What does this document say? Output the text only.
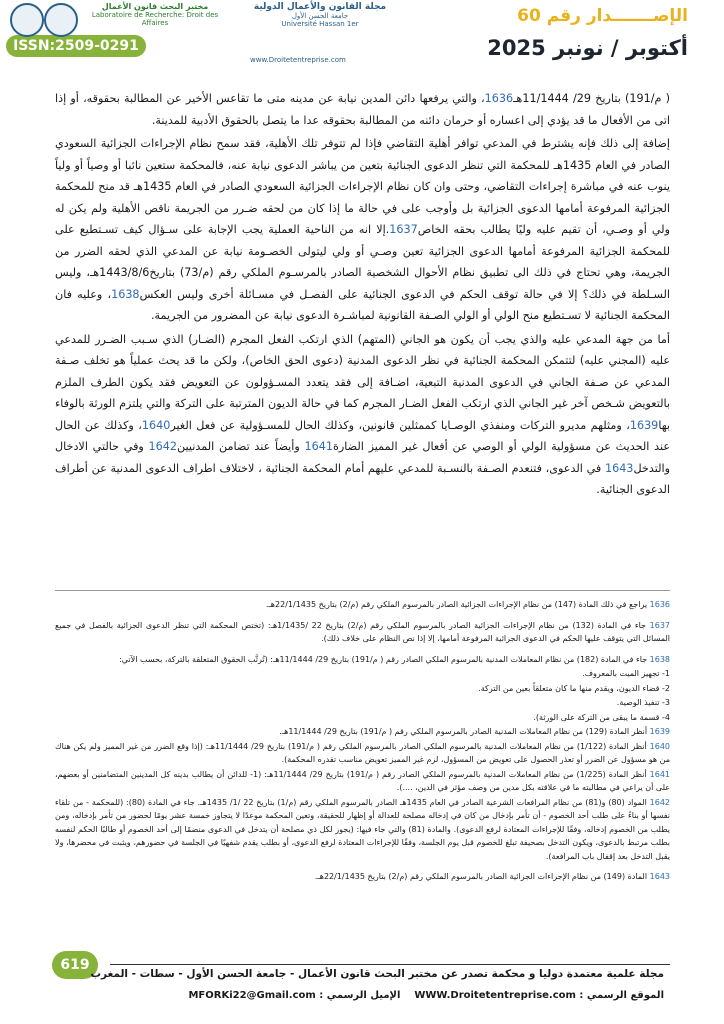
الإصـــــــدار رقم 60
أكتوبر / نونبر 2025
ISSN:2509-0291
مختبر البحث قانون الأعمال
Laboratoire de Recherche: Droit des Affaires
مجلة القانون والأعمال الدولية
جامعة الحسن الأول
Université Hassan 1er
www.Droitetentreprise.com

( م/191) بتاريخ 29/ 11/1444هـ1636، والتي يرفعها دائن المدين نيابة عن مدينه متى ما تقاعس الأخير عن المطالبة بحقوقه، أو إذا اتى من الأفعال ما قد يؤدي إلى اعساره أو حرمان دائنه من المطالبة بحقوقه عدا ما يتصل بالحقوق الأدبية للمدينة.

إضافة إلى ذلك فإنه يشترط في المدعي توافر أهلية التقاضي فإذا لم تتوفر تلك الأهلية، فقد سمح نظام الإجراءات الجزائية السعودي الصادر في العام 1435هـ للمحكمة التي تنظر الدعوى الجنائية بتعين من يباشر الدعوى نيابة عنه، فالمحكمة ستعين نائبا أو وصياً أو ولياً ينوب عنه في مباشرة إجراءات التقاضي، وحتى وان كان نظام الإجراءات الجزائية السعودي الصادر في العام 1435هـ قد منح للمحكمة الجزائية المرفوعة أمامها الدعوى الجزائية بل وأوجب على في حالة ما إذا كان من لحقه ضـرر من الجريمة ناقص الأهلية ولم يكن له ولي أو وصـي، أن تقيم عليه وليًا يطالب بحقه الخاص1637.إلا انه من الناحية العملية يجب الإجابة على سـؤال كيف تسـتطيع على للمحكمة الجزائية المرفوعة أمامها الدعوى الجزائية تعين وصـي أو ولي ليتولى الخصـومة نيابة عن المدعي الذي لحقه الضرر من الجريمة، وهي تحتاج في ذلك الى تطبيق نظام الأحوال الشخصية الصادر بالمرسـوم الملكي رقم (م/73) بتاريخ1443/8/6هـ، وليس السـلطة في ذلك؟ إلا في حالة توقف الحكم في الدعوى الجنائية على الفصـل في مسـائلة أخرى وليس العكس1638، وعليه فان المحكمة الجنائية لا تسـتطيع منح الولي أو الولي الصـفة القانونية لمباشـرة الدعوى نيابة عن المضرور من الجريمة.

أما من جهة المدعي عليه والذي يجب أن يكون هو الجاني (المتهم) الذي ارتكب الفعل المجرم (الضـار) الذي سـبب الضـرر للمدعي عليه (المجني عليه) لتتمكن المحكمة الجنائية في نظر الدعوى المدنية (دعوى الحق الخاص)، ولكن ما قد يحث عملياً هو تخلف صـفة المدعي عن صـفة الجاني في الدعوى المدنية التبعية، اضـافة إلى فقد يتعدد المسـؤولون عن التعويض فقد يكون الطرف الملزم بالتعويض شـخص آخر غير الجاني الذي ارتكب الفعل الضـار المجرم كما في حالة الديون المترتبة على التركة والتي يلتزم الورثة بالوفاء بها1639، ومثلهم مديرو التركات ومنفذي الوصـايا كممثلين قانونين، وكذلك الحال للمسـؤولية عن فعل الغير1640، وكذلك عن الحال عند الحديث عن مسؤولية الولي أو الوصي عن أفعال غير المميز الضارة1641 وأيضاً عند تضامن المدنيين1642 وفي حالتي الادخال والتدخل1643 في الدعوى، فتنعدم الصـفة بالنسـبة للمدعي عليهم أمام المحكمة الجنائية ، لاختلاف اطراف الدعوى المدنية عن أطراف الدعوى الجنائية.

1636 يراجع في ذلك المادة (147) من نظام الإجراءات الجزائية الصادر بالمرسوم الملكي رقم (م/2) بتاريخ 22/1/1435هـ.

1637 جاء في المادة (132) من نظام الإجراءات الجزائية الصادر بالمرسوم الملكي رقم (م/2) بتاريخ 22 /1/1435هـ: (تختص المحكمة التي تنظر الدعوى الجزائية بالفصل في جميع المسائل التي يتوقف عليها الحكم في الدعوى الجزائية المرفوعة أمامها، إلا إذا نص النظام على خلاف ذلك).

1638 جاء في المادة (182) من نظام المعاملات المدنية بالمرسوم الملكي الصادر رقم ( م/191) بتاريخ 29/ 11/1444هـ: (تُرتَّب الحقوق المتعلقة بالتركة، بحسب الآتي:

1- تجهيز الميت بالمعروف.

2- قضاء الديون، ويقدم منها ما كان متعلقاً بعين من التركة.

3- تنفيذ الوصية.

4- قسمة ما يبقى من التركة على الورثة).

1639 أنظر المادة (129) من نظام المعاملات المدنية الصادر بالمرسوم الملكي رقم ( م/191) بتاريخ 29/ 11/1444هـ.

1640 أنظر المادة (1/122) من نظام المعاملات المدنية بالمرسوم الملكي الصادر بالمرسوم الملكي رقم ( م/191) بتاريخ 29/ 11/1444هـ: (إذا وقع الضرر من غير المميز ولم يكن هناك من هو مسؤول عن الضرر أو تعذر الحصول على تعويض من المسؤول، لزم غير المميز تعويض مناسب تقدره المحكمة).

1641 أنظر المادة (1/225) من نظام المعاملات المدنية بالمرسوم الملكي الصادر رقم ( م/191) بتاريخ 29/ 11/1444هـ: (1- للدائن أن يطالب بدينه كل المدينين المتضامنين أو بعضهم، على أن يراعي في مطالبته ما في علاقته بكل مدين من وصف مؤثر في الدين، ....).

1642 المواد (80) و(81) من نظام المرافعات الشرعية الصادر في العام 1435هـ الصادر بالمرسوم الملكي رقم (م/1) بتاريخ 22 /1/ 1435هـ. جاء في المادة (80): (للمحكمة - من تلقاء نفسها أو بناءً على طلب أحد الخصوم - أن تأمر بإدخال من كان في إدخاله مصلحة للعدالة أو إظهار للحقيقة، وتعين المحكمة موعدًا لا يتجاوز خمسة عشر يومًا لحضور من تأمر بإدخاله، ومن يطلب من الخصوم إدخاله، وفقًا للإجراءات المعتادة لرفع الدعوى). والمادة (81) والتي جاء فيها: (يجوز لكل ذي مصلحة أن يتدخل في الدعوى منضمًا إلى أحد الخصوم أو طالبًا الحكم لنفسه بطلب مرتبط بالدعوى، ويكون التدخل بصحيفة تبلغ للخصوم قبل يوم الجلسة، وفقًا للإجراءات المعتادة لرفع الدعوى، أو بطلب يقدم شفهيًا في الجلسة في حضورهم، ويثبت في محضرها، ولا يقبل التدخل بعد إقفال باب المرافعة).

1643 المادة (149) من نظام الإجراءات الجزائية الصادر بالمرسوم الملكي رقم (م/2) بتاريخ 22/1/1435هـ.

619
مجلة علمية معتمدة دوليا و محكمة تصدر عن مختبر البحث قانون الأعمال - جامعة الحسن الأول - سطات - المغرب
الموقع الرسمي : WWW.Droitetentreprise.com    الإميل الرسمي : MFORKi22@Gmail.com
